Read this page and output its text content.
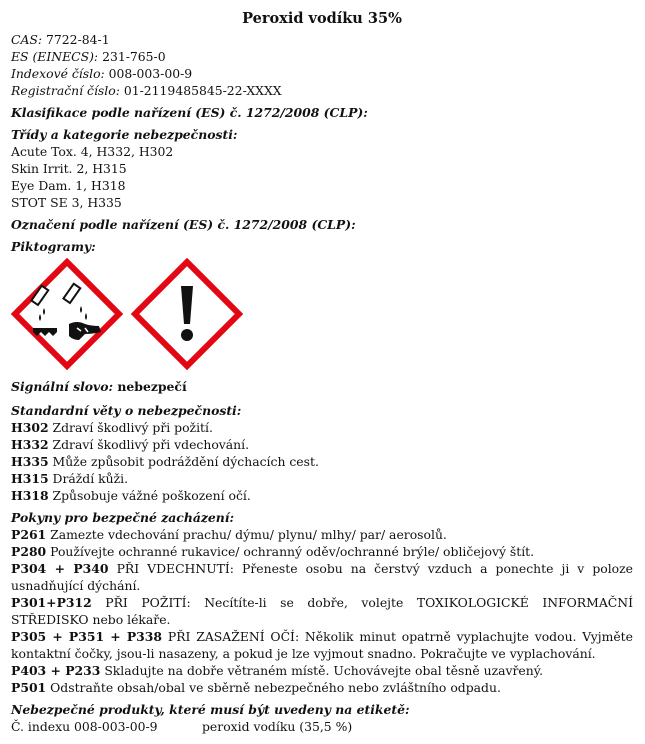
Peroxid vodíku 35%
CAS: 7722-84-1
ES (EINECS): 231-765-0
Indexové číslo: 008-003-00-9
Registrační číslo: 01-2119485845-22-XXXX
Klasifikace podle nařízení (ES) č. 1272/2008 (CLP):
Třídy a kategorie nebezpečnosti:
Acute Tox. 4, H332, H302
Skin Irrit. 2, H315
Eye Dam. 1, H318
STOT SE 3, H335
Označení podle nařízení (ES) č. 1272/2008 (CLP):
Piktogramy:
Signální slovo: nebezpečí
Standardní věty o nebezpečnosti:
H302 Zdraví škodlivý při požití.
H332 Zdraví škodlivý při vdechování.
H335 Může způsobit podráždění dýchacích cest.
H315 Dráždí kůži.
H318 Způsobuje vážné poškození očí.
Pokyny pro bezpečné zacházení:
P261 Zamezte vdechování prachu/ dýmu/ plynu/ mlhy/ par/ aerosolů.
P280 Používejte ochranné rukavice/ ochranný oděv/ochranné brýle/ obličejový štít.
P304 + P340 PŘI VDECHNUTÍ: Přeneste osobu na čerstvý vzduch a ponechte ji v poloze usnadňující dýchání.
P301+P312 PŘI POŽITÍ: Necítíte-li se dobře, volejte TOXIKOLOGICKÉ INFORMAČNÍ STŘEDISKO nebo lékaře.
P305 + P351 + P338 PŘI ZASAŽENÍ OČÍ: Několik minut opatrně vyplachujte vodou. Vyjměte kontaktní čočky, jsou-li nasazeny, a pokud je lze vyjmout snadno. Pokračujte ve vyplachování.
P403 + P233 Skladujte na dobře větraném místě. Uchovávejte obal těsně uzavřený.
P501 Odstraňte obsah/obal ve sběrně nebezpečného nebo zvláštního odpadu.
Nebezpečné produkty, které musí být uvedeny na etiketě:
Č. indexu 008-003-00-9	peroxid vodíku (35,5 %)
